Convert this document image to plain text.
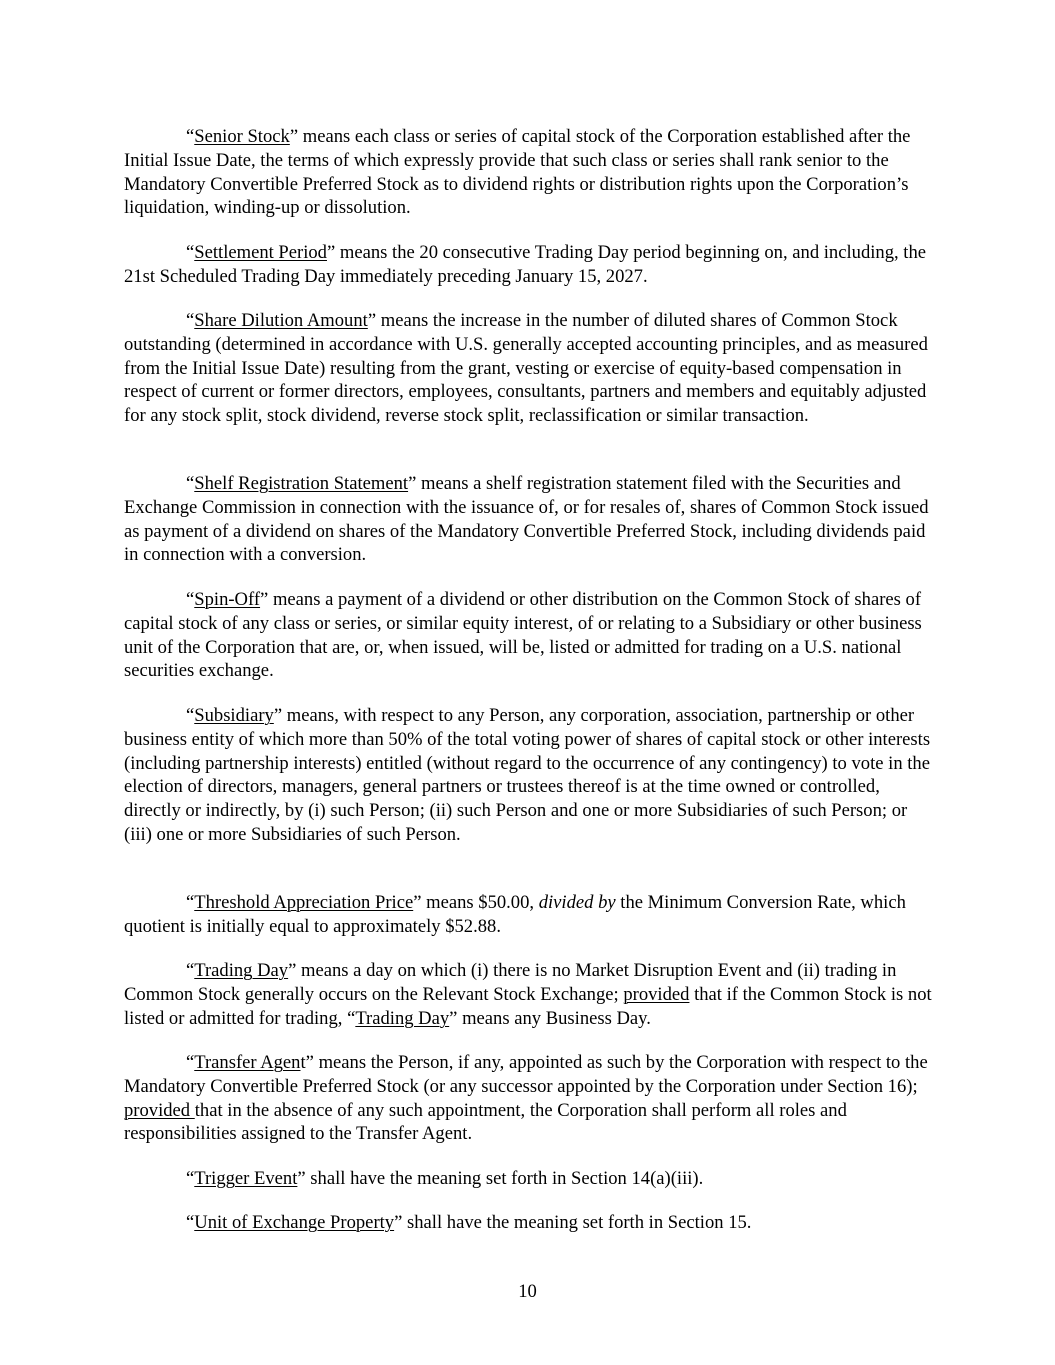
“Senior Stock” means each class or series of capital stock of the Corporation established after the Initial Issue Date, the terms of which expressly provide that such class or series shall rank senior to the Mandatory Convertible Preferred Stock as to dividend rights or distribution rights upon the Corporation’s liquidation, winding-up or dissolution.

“Settlement Period” means the 20 consecutive Trading Day period beginning on, and including, the 21st Scheduled Trading Day immediately preceding January 15, 2027.

“Share Dilution Amount” means the increase in the number of diluted shares of Common Stock outstanding (determined in accordance with U.S. generally accepted accounting principles, and as measured from the Initial Issue Date) resulting from the grant, vesting or exercise of equity-based compensation in respect of current or former directors, employees, consultants, partners and members and equitably adjusted for any stock split, stock dividend, reverse stock split, reclassification or similar transaction.

“Shelf Registration Statement” means a shelf registration statement filed with the Securities and Exchange Commission in connection with the issuance of, or for resales of, shares of Common Stock issued as payment of a dividend on shares of the Mandatory Convertible Preferred Stock, including dividends paid in connection with a conversion.

“Spin-Off” means a payment of a dividend or other distribution on the Common Stock of shares of capital stock of any class or series, or similar equity interest, of or relating to a Subsidiary or other business unit of the Corporation that are, or, when issued, will be, listed or admitted for trading on a U.S. national securities exchange.

“Subsidiary” means, with respect to any Person, any corporation, association, partnership or other business entity of which more than 50% of the total voting power of shares of capital stock or other interests (including partnership interests) entitled (without regard to the occurrence of any contingency) to vote in the election of directors, managers, general partners or trustees thereof is at the time owned or controlled, directly or indirectly, by (i) such Person; (ii) such Person and one or more Subsidiaries of such Person; or (iii) one or more Subsidiaries of such Person.

“Threshold Appreciation Price” means $50.00, divided by the Minimum Conversion Rate, which quotient is initially equal to approximately $52.88.

“Trading Day” means a day on which (i) there is no Market Disruption Event and (ii) trading in Common Stock generally occurs on the Relevant Stock Exchange; provided that if the Common Stock is not listed or admitted for trading, “Trading Day” means any Business Day.

“Transfer Agent” means the Person, if any, appointed as such by the Corporation with respect to the Mandatory Convertible Preferred Stock (or any successor appointed by the Corporation under Section 16); provided that in the absence of any such appointment, the Corporation shall perform all roles and responsibilities assigned to the Transfer Agent.

“Trigger Event” shall have the meaning set forth in Section 14(a)(iii).

“Unit of Exchange Property” shall have the meaning set forth in Section 15.

10
